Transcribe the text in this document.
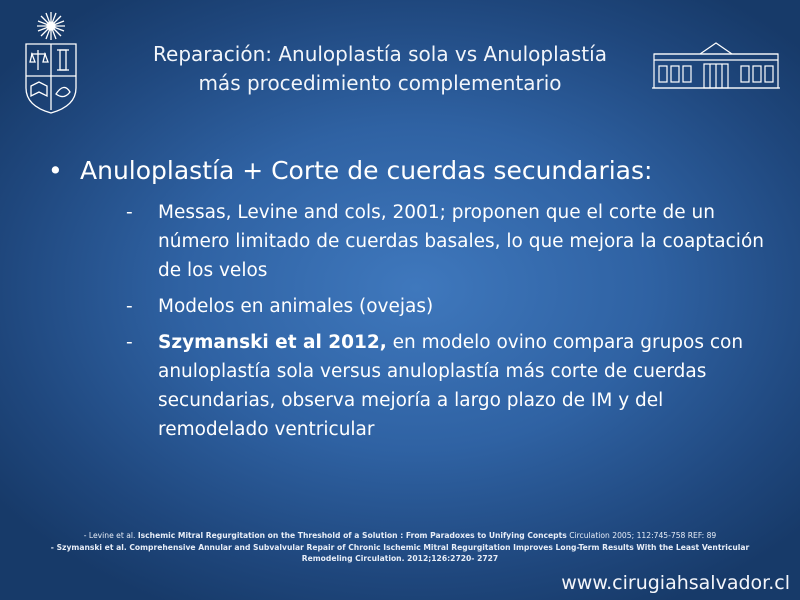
Reparación: Anuloplastía sola vs Anuloplastía
más procedimiento complementario
• Anuloplastía + Corte de cuerdas secundarias:
- Messas, Levine and cols, 2001; proponen que el corte de un número limitado de cuerdas basales, lo que mejora la coaptación de los velos
- Modelos en animales (ovejas)
- Szymanski et al 2012, en modelo ovino compara grupos con anuloplastía sola versus anuloplastía más corte de cuerdas secundarias, observa mejoría a largo plazo de IM y del remodelado ventricular
- Levine et al. Ischemic Mitral Regurgitation on the Threshold of a Solution : From Paradoxes to Unifying Concepts Circulation 2005; 112:745-758 REF: 89
- Szymanski et al. Comprehensive Annular and Subvalvular Repair of Chronic Ischemic Mitral Regurgitation Improves Long-Term Results With the Least Ventricular Remodeling Circulation. 2012;126:2720- 2727
www.cirugiahsalvador.cl
